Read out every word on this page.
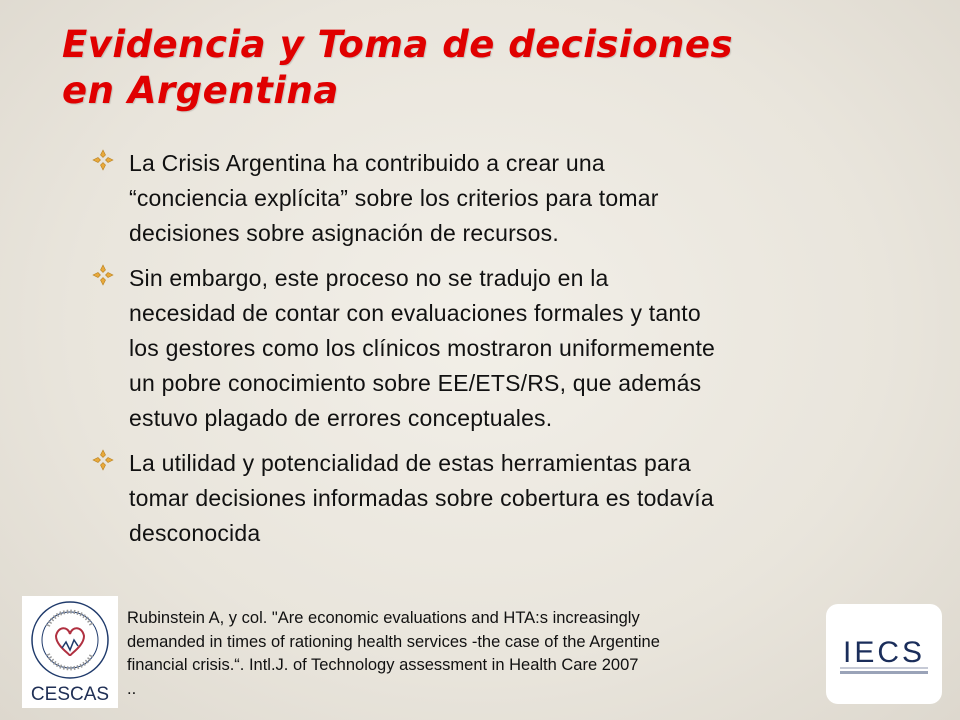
Evidencia y Toma de decisiones
en Argentina
La Crisis Argentina ha contribuido a crear una
“conciencia explícita” sobre los criterios para tomar
decisiones sobre asignación de recursos.
Sin embargo, este proceso no se tradujo en la
necesidad de contar con evaluaciones formales y tanto
los gestores como los clínicos mostraron uniformemente
un pobre conocimiento sobre EE/ETS/RS, que además
estuvo plagado de errores conceptuales.
La utilidad y potencialidad de estas herramientas para
tomar decisiones informadas sobre cobertura es todavía
desconocida
CESCAS
Rubinstein A, y col. "Are economic evaluations and HTA:s increasingly
demanded in times of rationing health services -the case of the Argentine
financial crisis.“. Intl.J. of Technology assessment in Health Care 2007
..
IECS
